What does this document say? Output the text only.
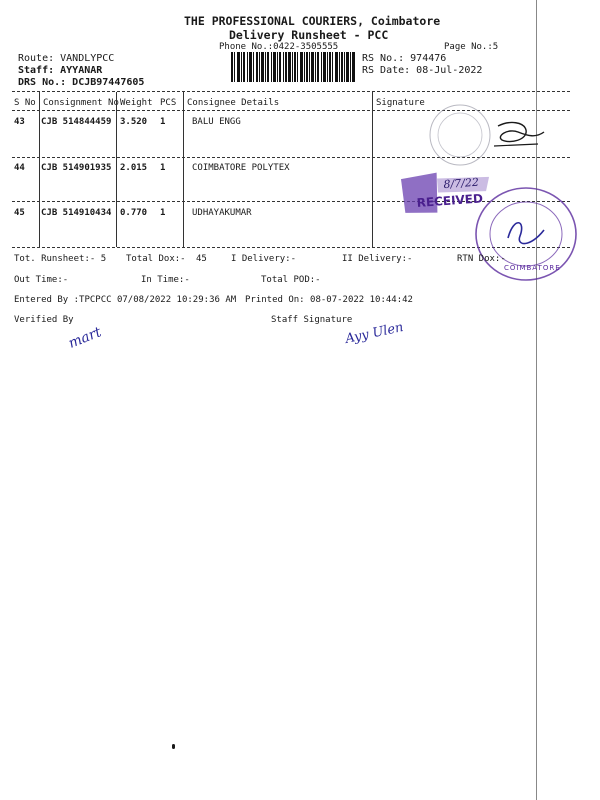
THE PROFESSIONAL COURIERS, Coimbatore
Delivery Runsheet - PCC
Phone No.:0422-3505555	Page No.:5
Route: VANDLYPCC
Staff: AYYANAR
DRS No.: DCJB97447605
RS No.: 974476
RS Date: 08-Jul-2022
S No Consignment No Weight PCS Consignee Details	Signature
43 CJB 514844459 3.520 1	BALU ENGG
44 CJB 514901935 2.015 1	COIMBATORE POLYTEX
45 CJB 514910434 0.770 1	UDHAYAKUMAR
RECEIVED
8/7/22
COIMBATORE
Tot. Runsheet:- 5 Total Dox:- 45	I Delivery:-	II Delivery:-	RTN Dox:-
Out Time:-	In Time:-	Total POD:-
Entered By :TPCPCC 07/08/2022 10:29:36 AM Printed On: 08-07-2022 10:44:42
Verified By	Staff Signature
mart	Ayy Ulen
